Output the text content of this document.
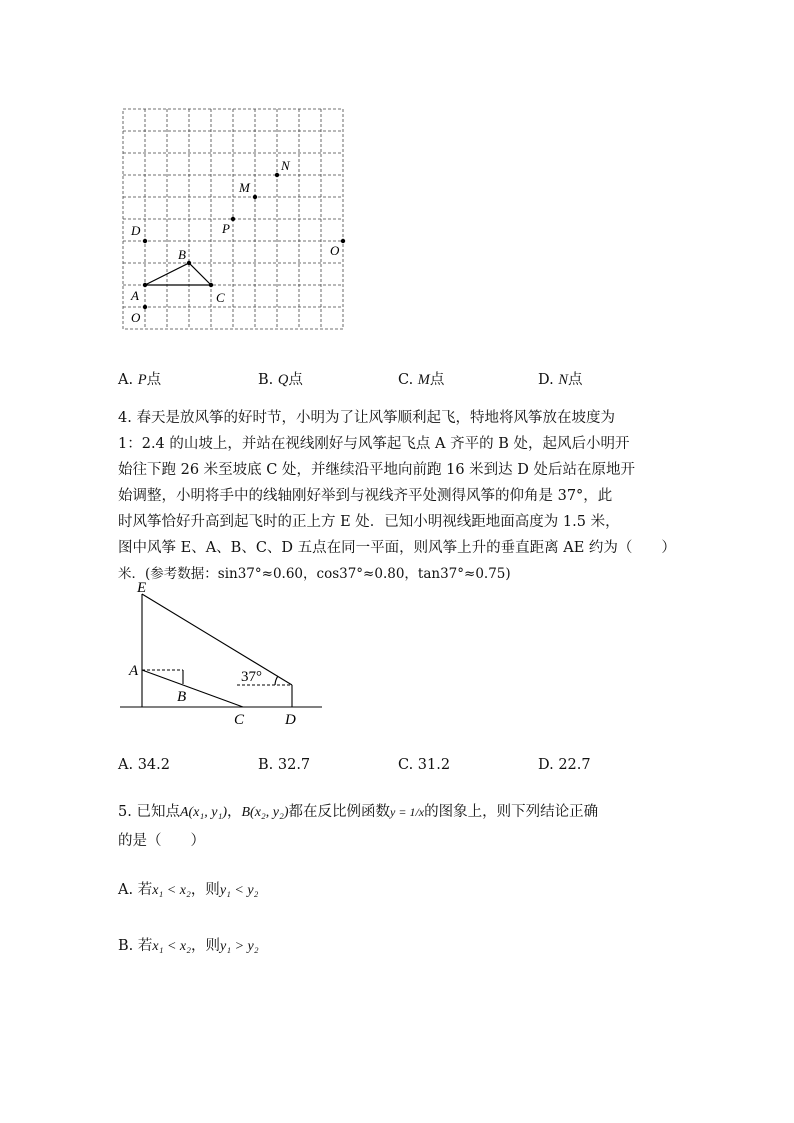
N
M
P
D
O
B
A	C
O
A. P点	B. Q点	C. M点	D. N点
4. 春天是放风筝的好时节，小明为了让风筝顺利起飞，特地将风筝放在坡度为
1：2.4 的山坡上，并站在视线刚好与风筝起飞点 A 齐平的 B 处，起风后小明开
始往下跑 26 米至坡底 C 处，并继续沿平地向前跑 16 米到达 D 处后站在原地开
始调整，小明将手中的线轴刚好举到与视线齐平处测得风筝的仰角是 37°，此
时风筝恰好升高到起飞时的正上方 E 处．已知小明视线距地面高度为 1.5 米，
图中风筝 E、A、B、C、D 五点在同一平面，则风筝上升的垂直距离 AE 约为（　　）
米．(参考数据：sin37°≈0.60，cos37°≈0.80，tan37°≈0.75)
E
A
B
C	D
37°
A. 34.2	B. 32.7	C. 31.2	D. 22.7
5. 已知点A(x₁, y₁)，B(x₂, y₂)都在反比例函数y = 1/x的图象上，则下列结论正确
的是（　　）
A. 若x₁ < x₂，则y₁ < y₂
B. 若x₁ < x₂，则y₁ > y₂
